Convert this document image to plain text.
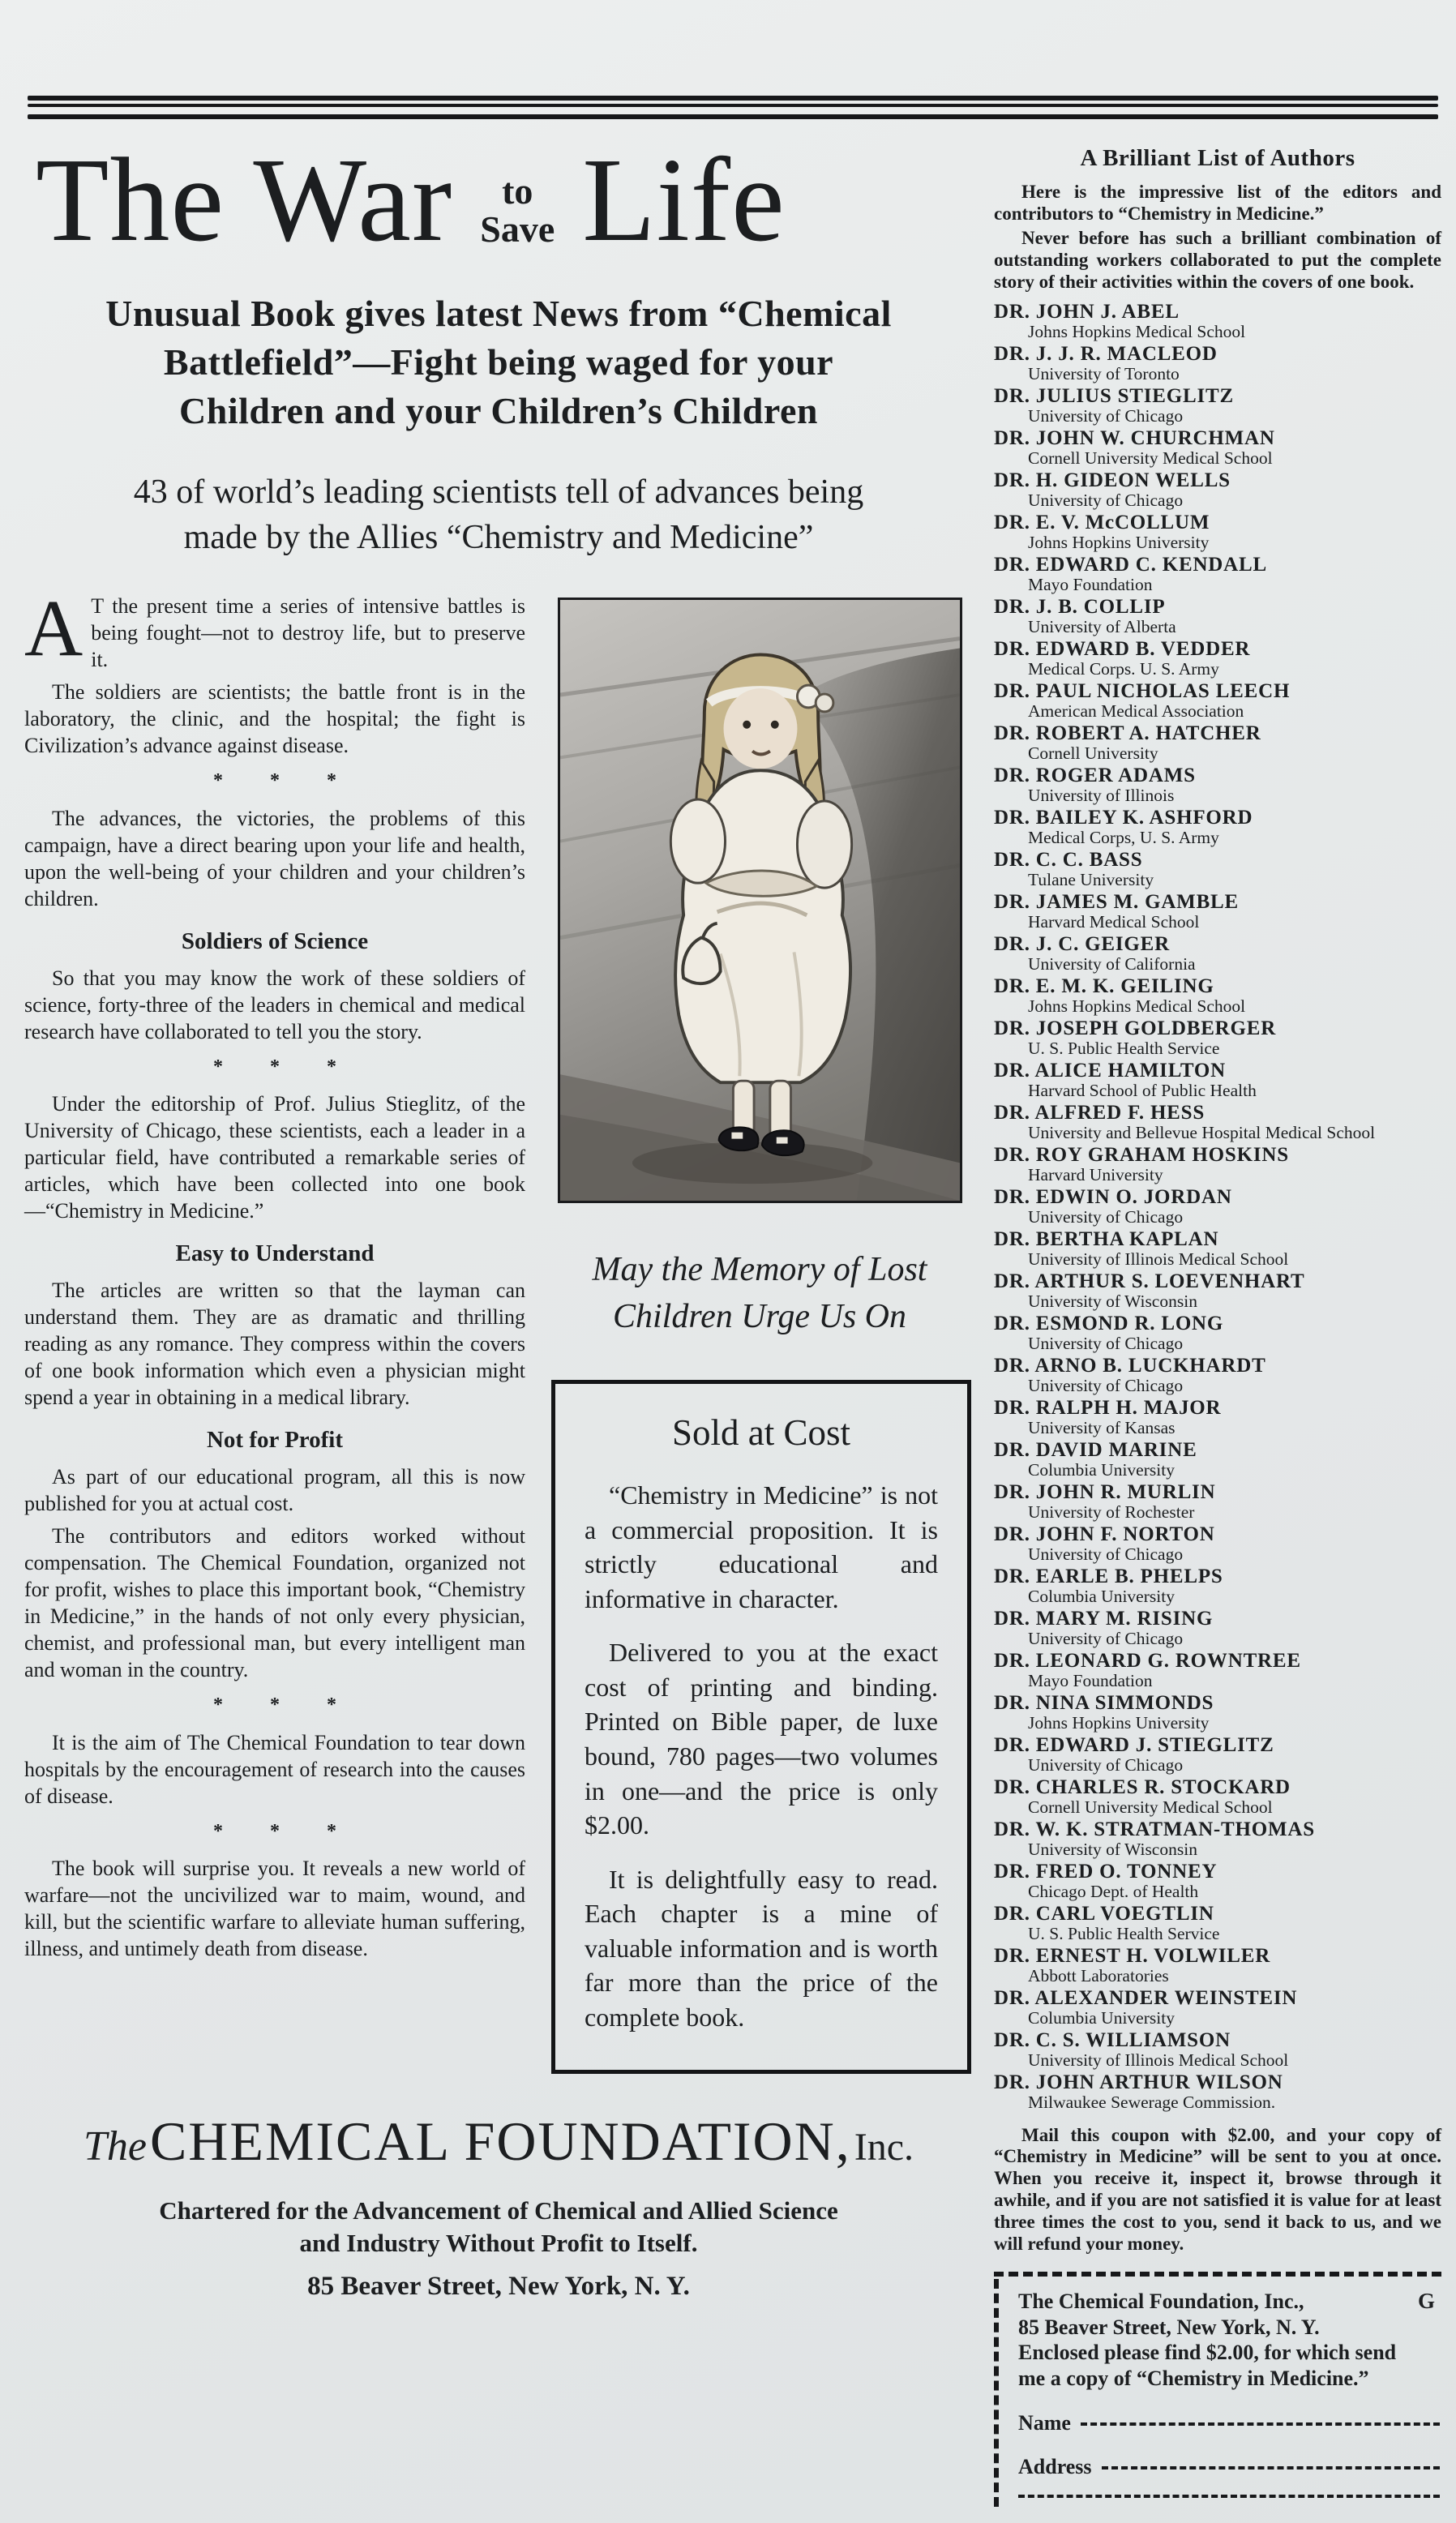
The War to
Save Life
Unusual Book gives latest News from “Chemical Battlefield”—Fight being waged for your Children and your Children’s Children
43 of world’s leading scientists tell of advances being made by the Allies “Chemistry and Medicine”
AT the present time a series of intensive battles is being fought—not to destroy life, but to preserve it.
The soldiers are scientists; the battle front is in the laboratory, the clinic, and the hospital; the fight is Civilization’s advance against disease.
* * *
The advances, the victories, the problems of this campaign, have a direct bearing upon your life and health, upon the well-being of your children and your children’s children.
Soldiers of Science
So that you may know the work of these soldiers of science, forty-three of the leaders in chemical and medical research have collaborated to tell you the story.
* * *
Under the editorship of Prof. Julius Stieglitz, of the University of Chicago, these scientists, each a leader in a particular field, have contributed a remarkable series of articles, which have been collected into one book—“Chemistry in Medicine.”
Easy to Understand
The articles are written so that the layman can understand them. They are as dramatic and thrilling reading as any romance. They compress within the covers of one book information which even a physician might spend a year in obtaining in a medical library.
Not for Profit
As part of our educational program, all this is now published for you at actual cost.
The contributors and editors worked without compensation. The Chemical Foundation, organized not for profit, wishes to place this important book, “Chemistry in Medicine,” in the hands of not only every physician, chemist, and professional man, but every intelligent man and woman in the country.
* * *
It is the aim of The Chemical Foundation to tear down hospitals by the encouragement of research into the causes of disease.
* * *
The book will surprise you. It reveals a new world of warfare—not the uncivilized war to maim, wound, and kill, but the scientific warfare to alleviate human suffering, illness, and untimely death from disease.
May the Memory of Lost Children Urge Us On
Sold at Cost
“Chemistry in Medicine” is not a commercial proposition. It is strictly educational and informative in character.
Delivered to you at the exact cost of printing and binding. Printed on Bible paper, de luxe bound, 780 pages—two volumes in one—and the price is only $2.00.
It is delightfully easy to read. Each chapter is a mine of valuable information and is worth far more than the price of the complete book.
The CHEMICAL FOUNDATION, Inc.
Chartered for the Advancement of Chemical and Allied Science and Industry Without Profit to Itself.
85 Beaver Street, New York, N. Y.
A Brilliant List of Authors
Here is the impressive list of the editors and contributors to “Chemistry in Medicine.”
Never before has such a brilliant combination of outstanding workers collaborated to put the complete story of their activities within the covers of one book.
DR. JOHN J. ABEL
Johns Hopkins Medical School
DR. J. J. R. MACLEOD
University of Toronto
DR. JULIUS STIEGLITZ
University of Chicago
DR. JOHN W. CHURCHMAN
Cornell University Medical School
DR. H. GIDEON WELLS
University of Chicago
DR. E. V. McCOLLUM
Johns Hopkins University
DR. EDWARD C. KENDALL
Mayo Foundation
DR. J. B. COLLIP
University of Alberta
DR. EDWARD B. VEDDER
Medical Corps. U. S. Army
DR. PAUL NICHOLAS LEECH
American Medical Association
DR. ROBERT A. HATCHER
Cornell University
DR. ROGER ADAMS
University of Illinois
DR. BAILEY K. ASHFORD
Medical Corps, U. S. Army
DR. C. C. BASS
Tulane University
DR. JAMES M. GAMBLE
Harvard Medical School
DR. J. C. GEIGER
University of California
DR. E. M. K. GEILING
Johns Hopkins Medical School
DR. JOSEPH GOLDBERGER
U. S. Public Health Service
DR. ALICE HAMILTON
Harvard School of Public Health
DR. ALFRED F. HESS
University and Bellevue Hospital Medical School
DR. ROY GRAHAM HOSKINS
Harvard University
DR. EDWIN O. JORDAN
University of Chicago
DR. BERTHA KAPLAN
University of Illinois Medical School
DR. ARTHUR S. LOEVENHART
University of Wisconsin
DR. ESMOND R. LONG
University of Chicago
DR. ARNO B. LUCKHARDT
University of Chicago
DR. RALPH H. MAJOR
University of Kansas
DR. DAVID MARINE
Columbia University
DR. JOHN R. MURLIN
University of Rochester
DR. JOHN F. NORTON
University of Chicago
DR. EARLE B. PHELPS
Columbia University
DR. MARY M. RISING
University of Chicago
DR. LEONARD G. ROWNTREE
Mayo Foundation
DR. NINA SIMMONDS
Johns Hopkins University
DR. EDWARD J. STIEGLITZ
University of Chicago
DR. CHARLES R. STOCKARD
Cornell University Medical School
DR. W. K. STRATMAN-THOMAS
University of Wisconsin
DR. FRED O. TONNEY
Chicago Dept. of Health
DR. CARL VOEGTLIN
U. S. Public Health Service
DR. ERNEST H. VOLWILER
Abbott Laboratories
DR. ALEXANDER WEINSTEIN
Columbia University
DR. C. S. WILLIAMSON
University of Illinois Medical School
DR. JOHN ARTHUR WILSON
Milwaukee Sewerage Commission.
Mail this coupon with $2.00, and your copy of “Chemistry in Medicine” will be sent to you at once. When you receive it, inspect it, browse through it awhile, and if you are not satisfied it is value for at least three times the cost to you, send it back to us, and we will refund your money.
The Chemical Foundation, Inc.,	G
85 Beaver Street, New York, N. Y.
Enclosed please find $2.00, for which send
me a copy of “Chemistry in Medicine.”
Name
Address
